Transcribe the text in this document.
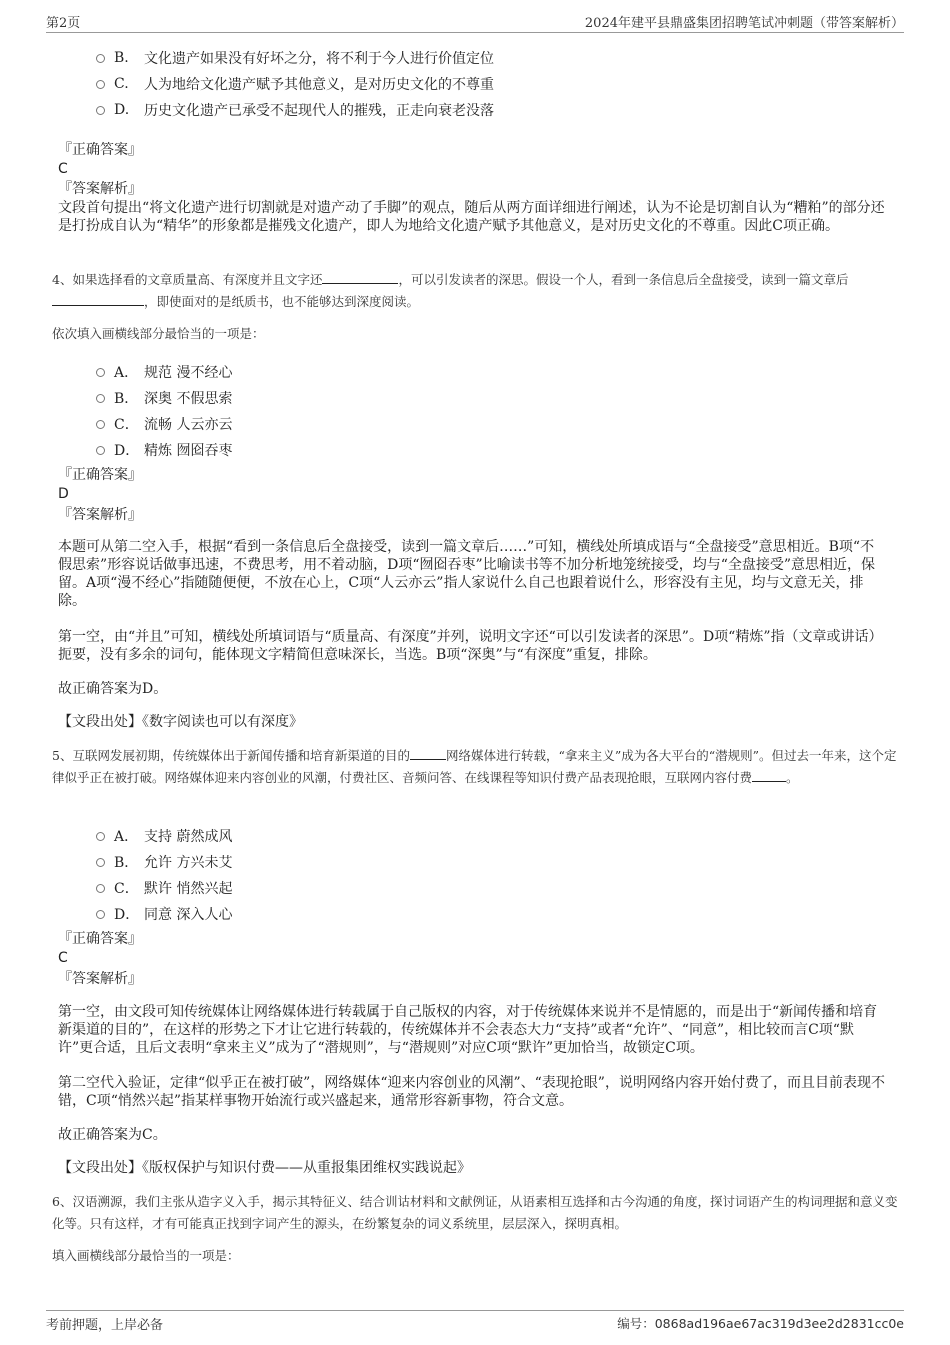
第2页	2024年建平县鼎盛集团招聘笔试冲刺题（带答案解析）
B.	文化遗产如果没有好坏之分，将不利于今人进行价值定位
C.	人为地给文化遗产赋予其他意义，是对历史文化的不尊重
D.	历史文化遗产已承受不起现代人的摧残，正走向衰老没落
『正确答案』
C
『答案解析』
文段首句提出“将文化遗产进行切割就是对遗产动了手脚”的观点，随后从两方面详细进行阐述，认为不论是切割自认为“糟粕”的部分还是打扮成自认为“精华”的形象都是摧残文化遗产，即人为地给文化遗产赋予其他意义，是对历史文化的不尊重。因此C项正确。
4、如果选择看的文章质量高、有深度并且文字还	，可以引发读者的深思。假设一个人，看到一条信息后全盘接受，读到一篇文章后
，即使面对的是纸质书，也不能够达到深度阅读。
依次填入画横线部分最恰当的一项是：
A． 规范 漫不经心
B． 深奥 不假思索
C． 流畅 人云亦云
D． 精炼 囫囵吞枣
『正确答案』
D
『答案解析』
本题可从第二空入手，根据“看到一条信息后全盘接受，读到一篇文章后……”可知，横线处所填成语与“全盘接受”意思相近。B项“不假思索”形容说话做事迅速，不费思考，用不着动脑，D项“囫囵吞枣”比喻读书等不加分析地笼统接受，均与“全盘接受”意思相近，保留。A项“漫不经心”指随随便便，不放在心上，C项“人云亦云”指人家说什么自己也跟着说什么，形容没有主见，均与文意无关，排除。
第一空，由“并且”可知，横线处所填词语与“质量高、有深度”并列，说明文字还“可以引发读者的深思”。D项“精炼”指（文章或讲话）扼要，没有多余的词句，能体现文字精简但意味深长，当选。B项“深奥”与“有深度”重复，排除。
故正确答案为D。
【文段出处】《数字阅读也可以有深度》
5、互联网发展初期，传统媒体出于新闻传播和培育新渠道的目的	网络媒体进行转载，“拿来主义”成为各大平台的“潜规则”。但过去一年来，这个定律似乎正在被打破。网络媒体迎来内容创业的风潮，付费社区、音频问答、在线课程等知识付费产品表现抢眼，互联网内容付费	。
A． 支持 蔚然成风
B． 允许 方兴未艾
C． 默许 悄然兴起
D． 同意 深入人心
『正确答案』
C
『答案解析』
第一空，由文段可知传统媒体让网络媒体进行转载属于自己版权的内容，对于传统媒体来说并不是情愿的，而是出于“新闻传播和培育新渠道的目的”，在这样的形势之下才让它进行转载的，传统媒体并不会表态大力“支持”或者“允许”、“同意”，相比较而言C项“默许”更合适，且后文表明“拿来主义”成为了“潜规则”，与“潜规则”对应C项“默许”更加恰当，故锁定C项。
第二空代入验证，定律“似乎正在被打破”，网络媒体“迎来内容创业的风潮”、“表现抢眼”，说明网络内容开始付费了，而且目前表现不错，C项“悄然兴起”指某样事物开始流行或兴盛起来，通常形容新事物，符合文意。
故正确答案为C。
【文段出处】《版权保护与知识付费——从重报集团维权实践说起》
6、汉语溯源，我们主张从造字义入手，揭示其特征义、结合训诂材料和文献例证，从语素相互选择和古今沟通的角度，探讨词语产生的构词理据和意义变化等。只有这样，才有可能真正找到字词产生的源头，在纷繁复杂的词义系统里，层层深入，探明真相。
填入画横线部分最恰当的一项是：
考前押题，上岸必备	编号：0868ad196ae67ac319d3ee2d2831cc0e
